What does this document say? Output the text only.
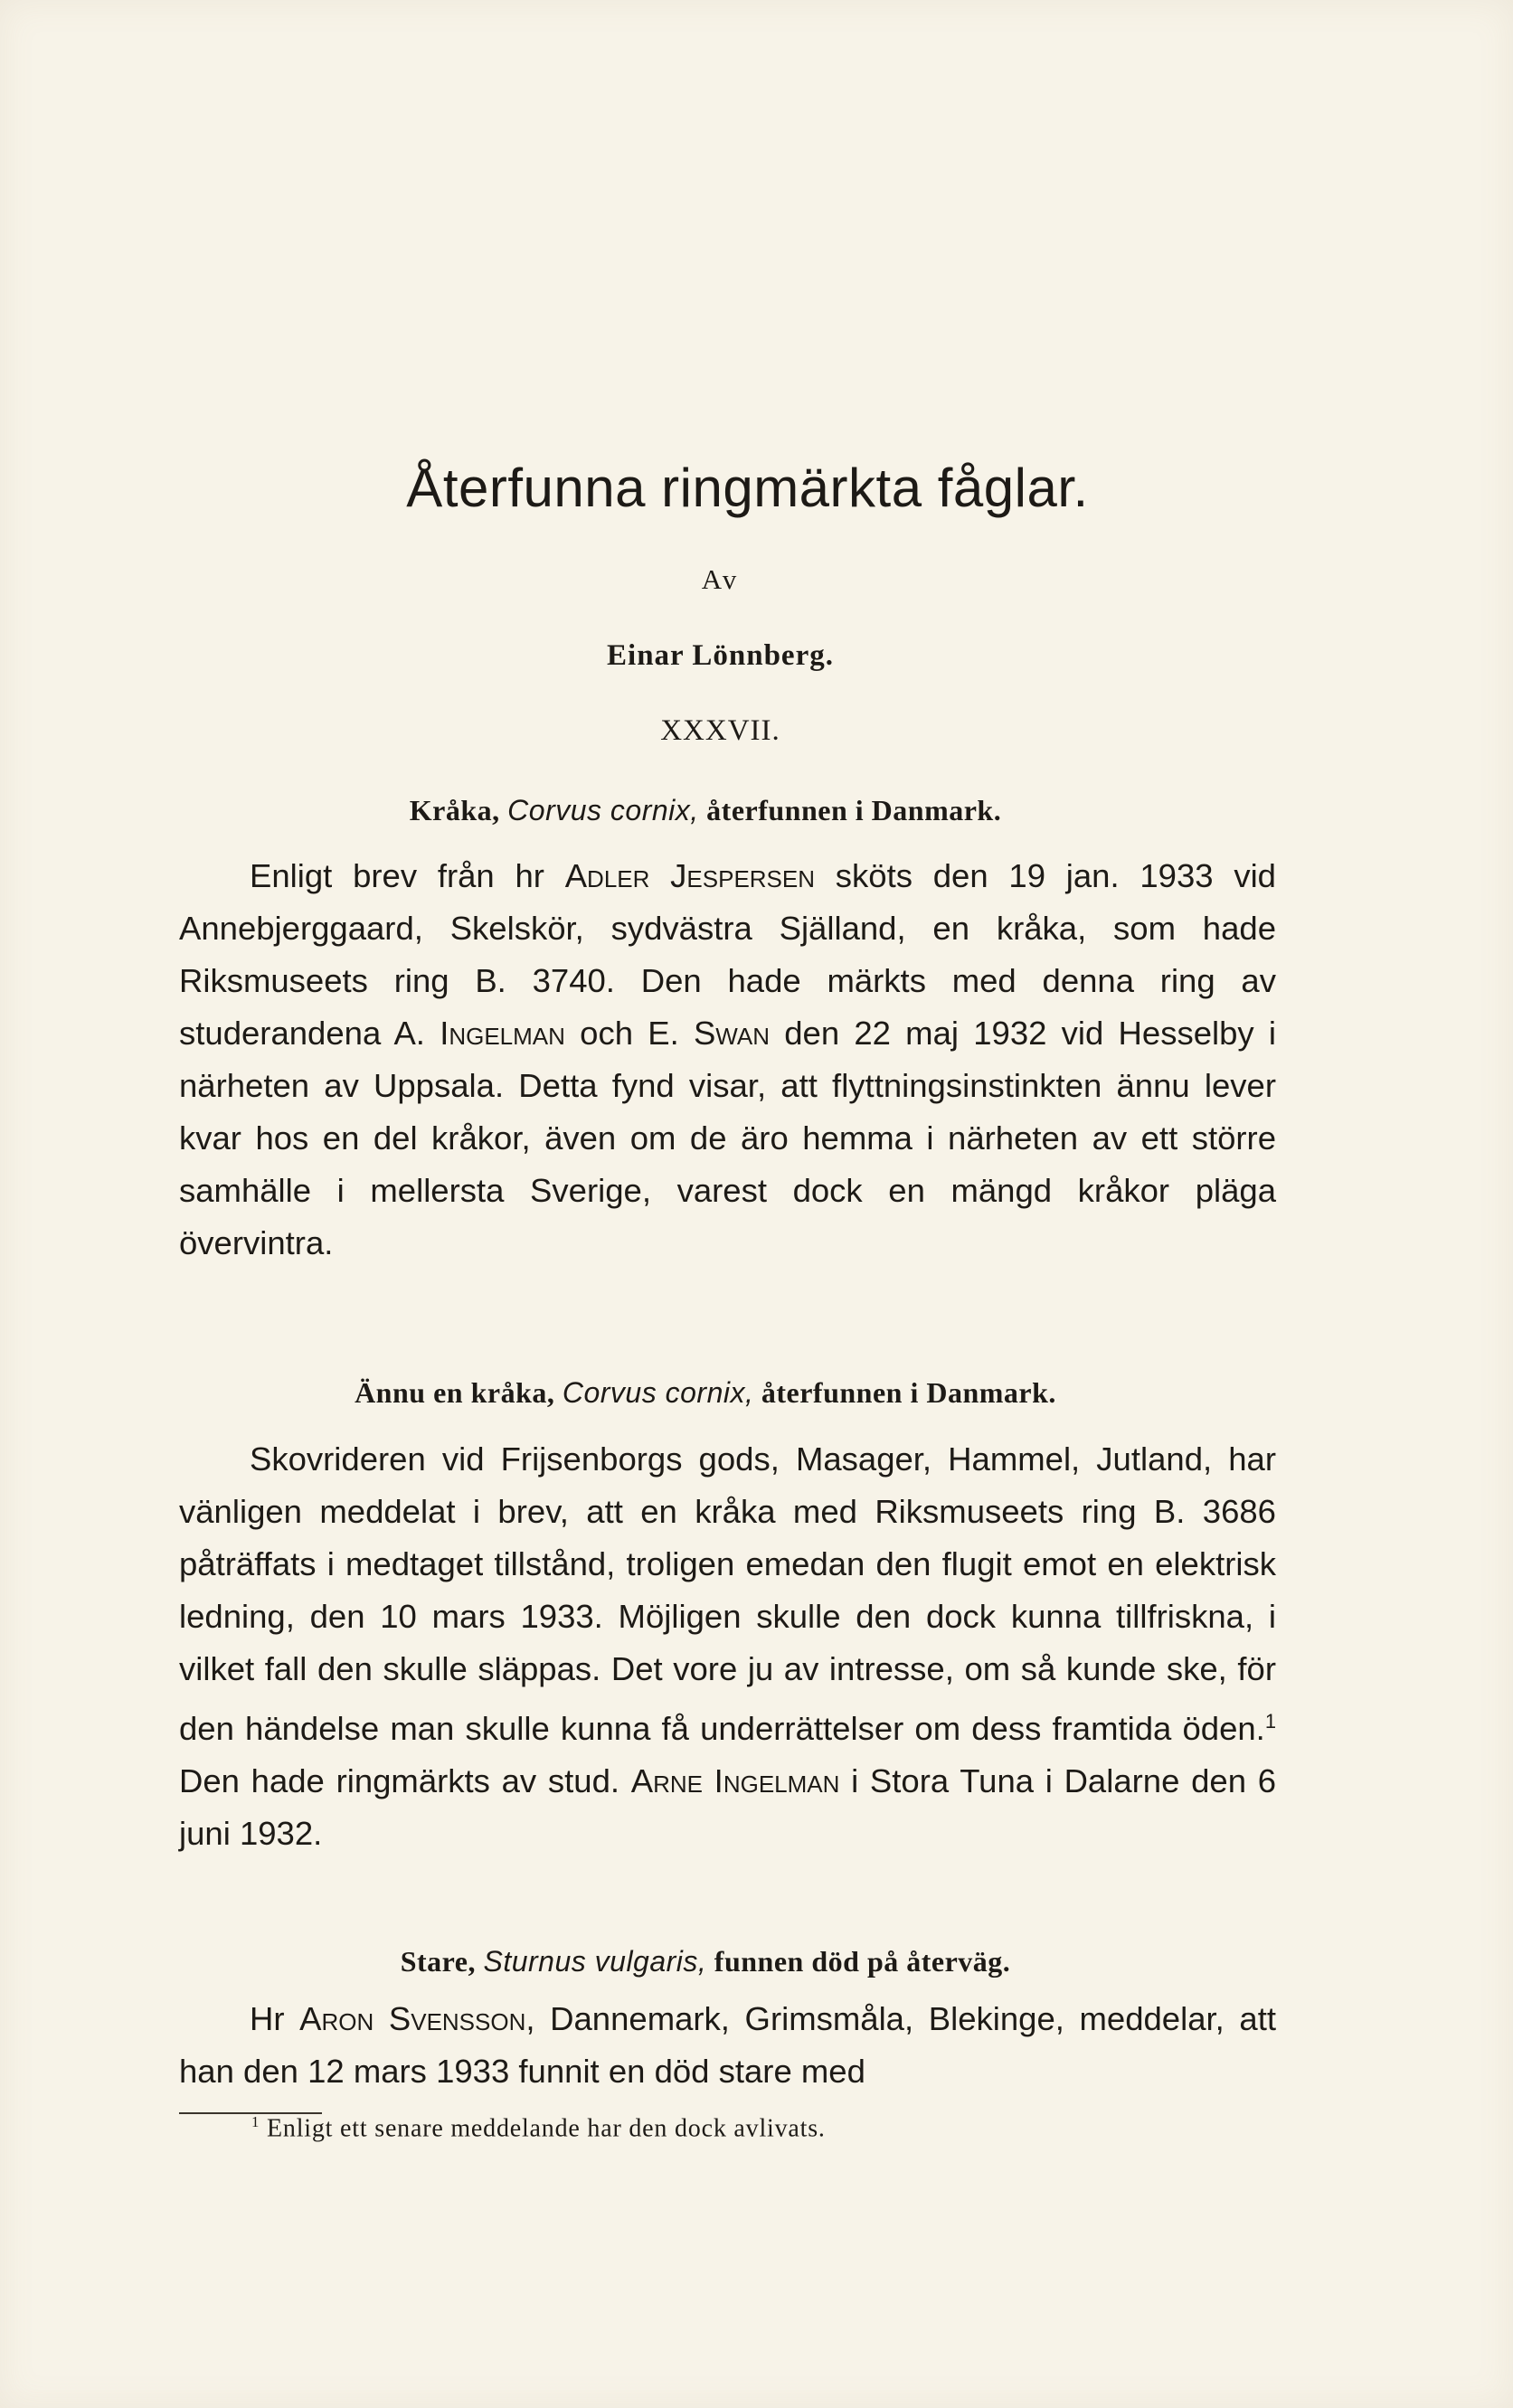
Återfunna ringmärkta fåglar.
Av
Einar Lönnberg.
XXXVII.
Kråka, Corvus cornix, återfunnen i Danmark.

Enligt brev från hr Adler Jespersen sköts den 19 jan. 1933 vid Annebjerggaard, Skelskör, sydvästra Själland, en kråka, som hade Riksmuseets ring B. 3740. Den hade märkts med denna ring av studerandena A. Ingelman och E. Swan den 22 maj 1932 vid Hesselby i närheten av Uppsala. Detta fynd visar, att flyttningsinstinkten ännu lever kvar hos en del kråkor, även om de äro hemma i närheten av ett större samhälle i mellersta Sverige, varest dock en mängd kråkor pläga övervintra.

Ännu en kråka, Corvus cornix, återfunnen i Danmark.

Skovrideren vid Frijsenborgs gods, Masager, Hammel, Jutland, har vänligen meddelat i brev, att en kråka med Riksmuseets ring B. 3686 påträffats i medtaget tillstånd, troligen emedan den flugit emot en elektrisk ledning, den 10 mars 1933. Möjligen skulle den dock kunna tillfriskna, i vilket fall den skulle släppas. Det vore ju av intresse, om så kunde ske, för den händelse man skulle kunna få underrättelser om dess framtida öden.$^1$ Den hade ringmärkts av stud. Arne Ingelman i Stora Tuna i Dalarne den 6 juni 1932.

Stare, Sturnus vulgaris, funnen död på återväg.

Hr Aron Svensson, Dannemark, Grimsmåla, Blekinge, meddelar, att han den 12 mars 1933 funnit en död stare med

$^1$ Enligt ett senare meddelande har den dock avlivats.
